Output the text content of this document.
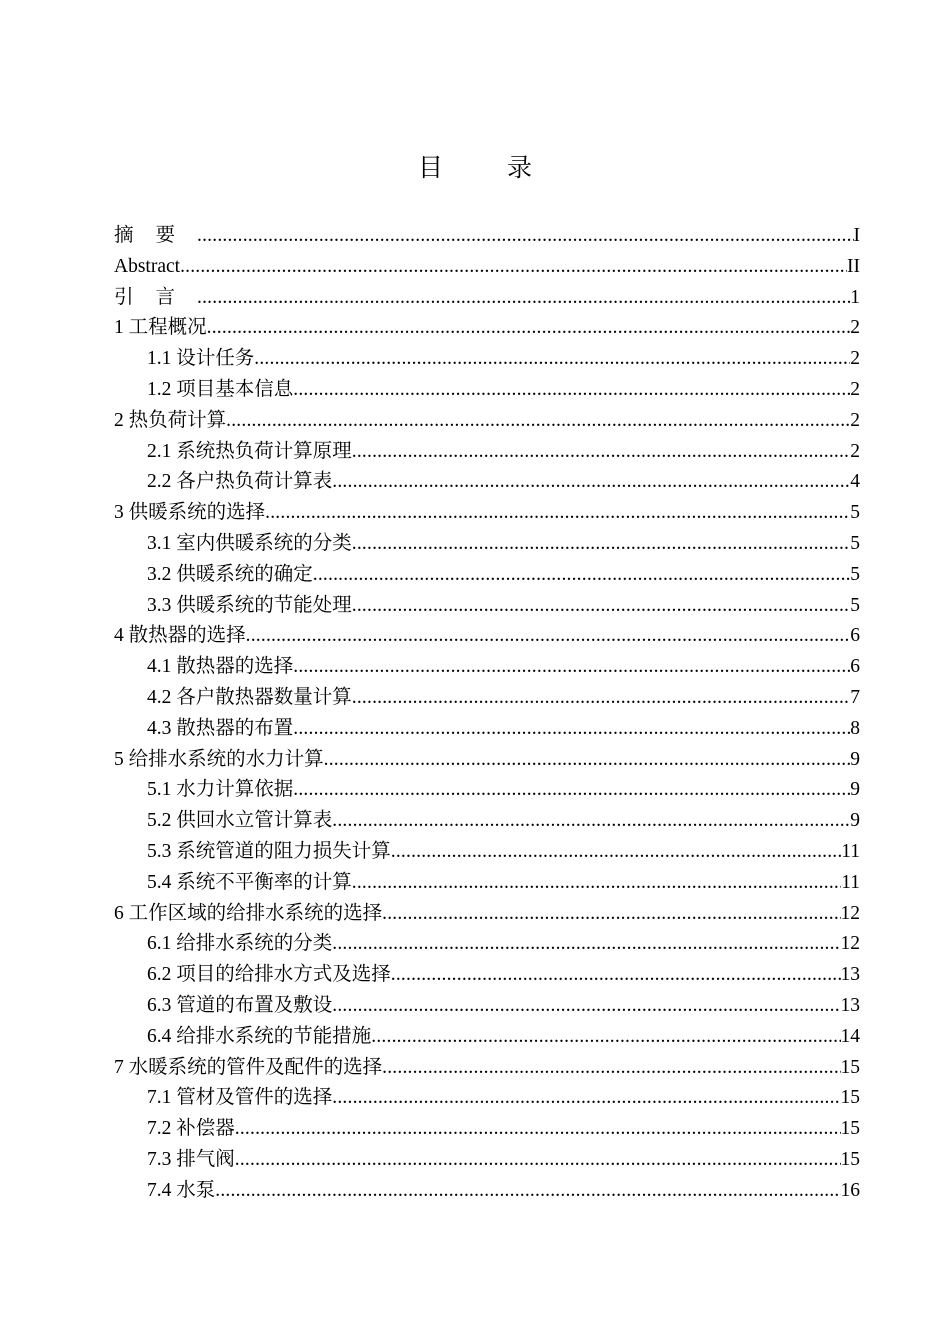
目 录
摘要 .....	I
Abstract .....	II
引言 .....	1
1 工程概况 .....	2
1.1 设计任务 .....	2
1.2 项目基本信息 .....	2
2 热负荷计算 .....	2
2.1 系统热负荷计算原理 .....	2
2.2 各户热负荷计算表 .....	4
3 供暖系统的选择 .....	5
3.1 室内供暖系统的分类 .....	5
3.2 供暖系统的确定 .....	5
3.3 供暖系统的节能处理 .....	5
4 散热器的选择 .....	6
4.1 散热器的选择 .....	6
4.2 各户散热器数量计算 .....	7
4.3 散热器的布置 .....	8
5 给排水系统的水力计算 .....	9
5.1 水力计算依据 .....	9
5.2 供回水立管计算表 .....	9
5.3 系统管道的阻力损失计算 .....	11
5.4 系统不平衡率的计算 .....	11
6 工作区域的给排水系统的选择 .....	12
6.1 给排水系统的分类 .....	12
6.2 项目的给排水方式及选择 .....	13
6.3 管道的布置及敷设 .....	13
6.4 给排水系统的节能措施 .....	14
7 水暖系统的管件及配件的选择 .....	15
7.1 管材及管件的选择 .....	15
7.2 补偿器 .....	15
7.3 排气阀 .....	15
7.4 水泵 .....	16
